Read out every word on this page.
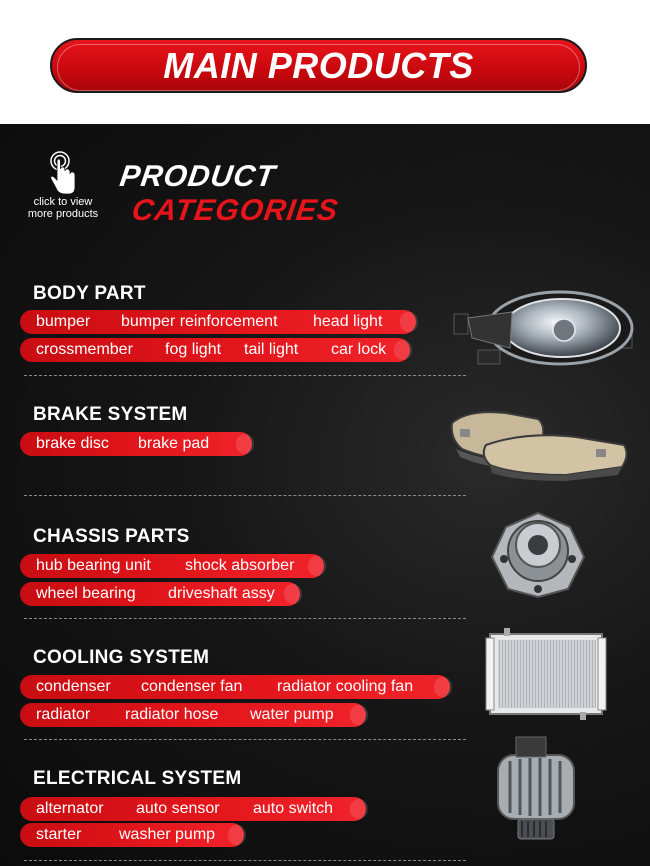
MAIN PRODUCTS
click to view
more products
PRODUCT
CATEGORIES
BODY PART
bumper	bumper reinforcement	head light
crossmember	fog light	tail light	car lock
BRAKE SYSTEM
brake disc	brake pad
CHASSIS PARTS
hub bearing unit	shock absorber
wheel bearing	driveshaft assy
COOLING SYSTEM
condenser	condenser fan	radiator cooling fan
radiator	radiator hose	water pump
ELECTRICAL SYSTEM
alternator	auto sensor	auto switch
starter	washer pump
